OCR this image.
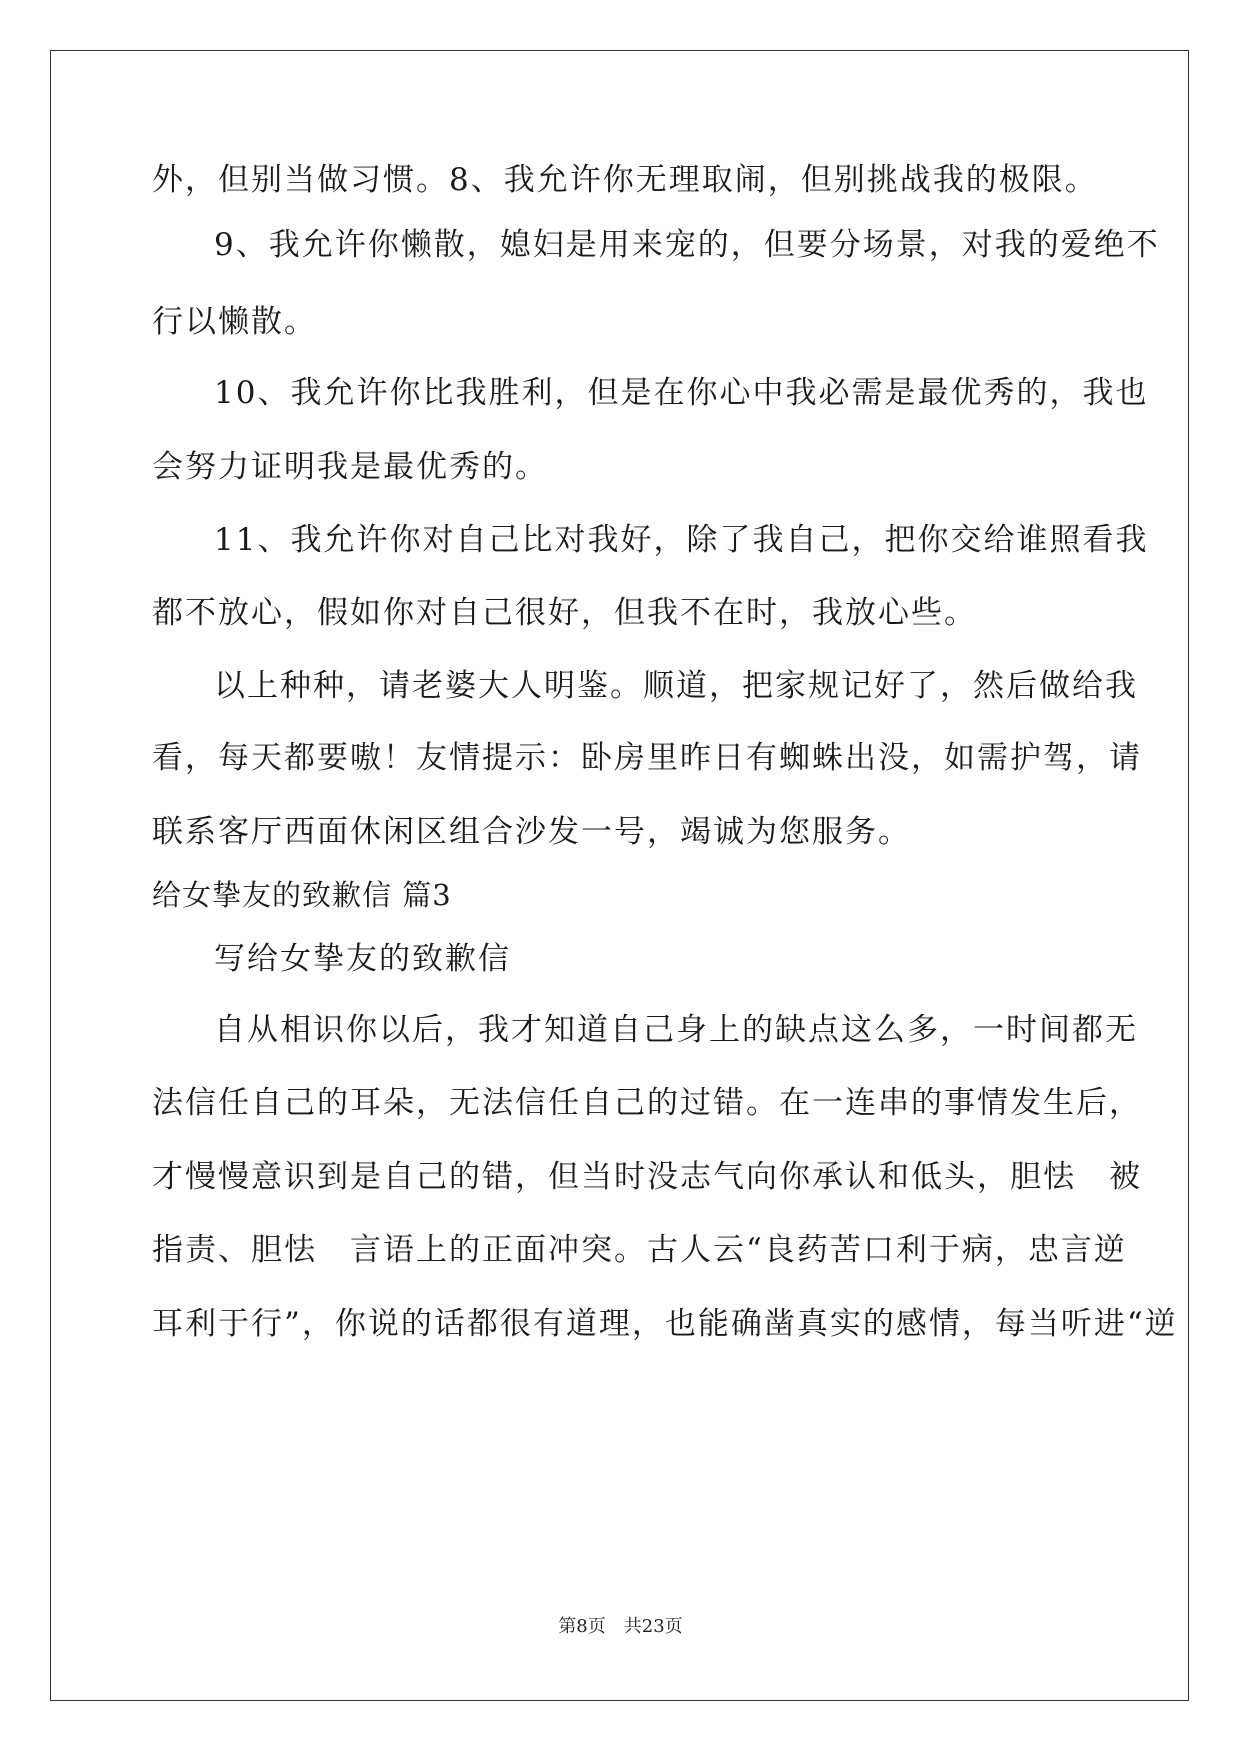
外，但别当做习惯。8、我允许你无理取闹，但别挑战我的极限。
9、我允许你懒散，媳妇是用来宠的，但要分场景，对我的爱绝不
行以懒散。
10、我允许你比我胜利，但是在你心中我必需是最优秀的，我也
会努力证明我是最优秀的。
11、我允许你对自己比对我好，除了我自己，把你交给谁照看我
都不放心，假如你对自己很好，但我不在时，我放心些。
以上种种，请老婆大人明鉴。顺道，把家规记好了，然后做给我
看，每天都要嗷！友情提示：卧房里昨日有蜘蛛出没，如需护驾，请
联系客厅西面休闲区组合沙发一号，竭诚为您服务。
给女挚友的致歉信 篇3
写给女挚友的致歉信
自从相识你以后，我才知道自己身上的缺点这么多，一时间都无
法信任自己的耳朵，无法信任自己的过错。在一连串的事情发生后，
才慢慢意识到是自己的错，但当时没志气向你承认和低头，胆怯　被
指责、胆怯　言语上的正面冲突。古人云“良药苦口利于病，忠言逆
耳利于行”，你说的话都很有道理，也能确凿真实的感情，每当听进“逆
第8页　共23页
